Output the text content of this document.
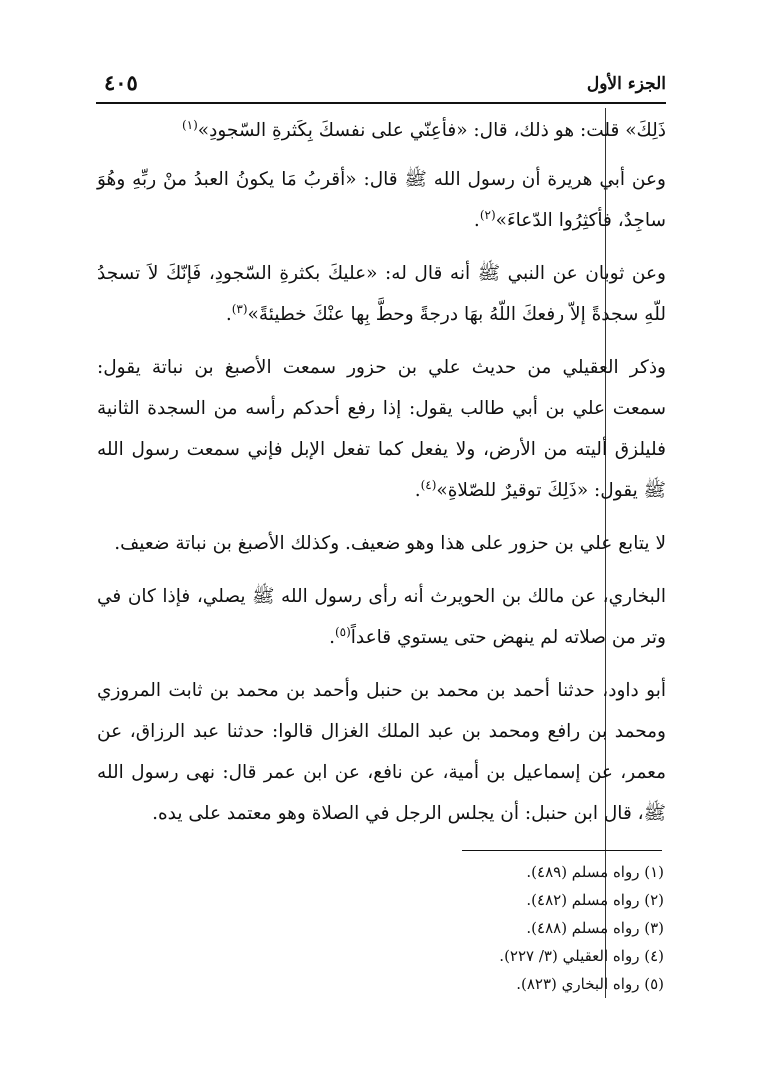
الجزء الأول
٤٠٥

ذَلِكَ» قلت: هو ذلك، قال: «فأعِنّي على نفسكَ بِكَثرةِ السّجودِ»$^{(١)}$

وعن أبي هريرة أن رسول الله ﷺ قال: «أقربُ مَا يكونُ العبدُ منْ ربِّهِ وهُوَ ساجِدٌ، فأكثِرُوا الدّعاءَ»$^{(٢)}$.

وعن ثوبان عن النبي ﷺ أنه قال له: «عليكَ بكثرةِ السّجودِ، فَإنّكَ لاَ تسجدُ للّهِ سجدةً إلاّ رفعكَ اللّهُ بهَا درجةً وحطَّ بِها عنْكَ خطيئةً»$^{(٣)}$.

وذكر العقيلي من حديث علي بن حزور سمعت الأصبغ بن نباتة يقول: سمعت علي بن أبي طالب يقول: إذا رفع أحدكم رأسه من السجدة الثانية فليلزق أليته من الأرض، ولا يفعل كما تفعل الإبل فإني سمعت رسول الله ﷺ يقول: «ذَلِكَ توقيرٌ للصّلاةِ»$^{(٤)}$.

لا يتابع علي بن حزور على هذا وهو ضعيف. وكذلك الأصبغ بن نباتة ضعيف.

البخاري، عن مالك بن الحويرث أنه رأى رسول الله ﷺ يصلي، فإذا كان في وتر من صلاته لم ينهض حتى يستوي قاعداً$^{(٥)}$.

أبو داود، حدثنا أحمد بن محمد بن حنبل وأحمد بن محمد بن ثابت المروزي ومحمد بن رافع ومحمد بن عبد الملك الغزال قالوا: حدثنا عبد الرزاق، عن معمر، عن إسماعيل بن أمية، عن نافع، عن ابن عمر قال: نهى رسول الله ﷺ، قال ابن حنبل: أن يجلس الرجل في الصلاة وهو معتمد على يده.

(١) رواه مسلم (٤٨٩).
(٢) رواه مسلم (٤٨٢).
(٣) رواه مسلم (٤٨٨).
(٤) رواه العقيلي (٣/ ٢٢٧).
(٥) رواه البخاري (٨٢٣).
